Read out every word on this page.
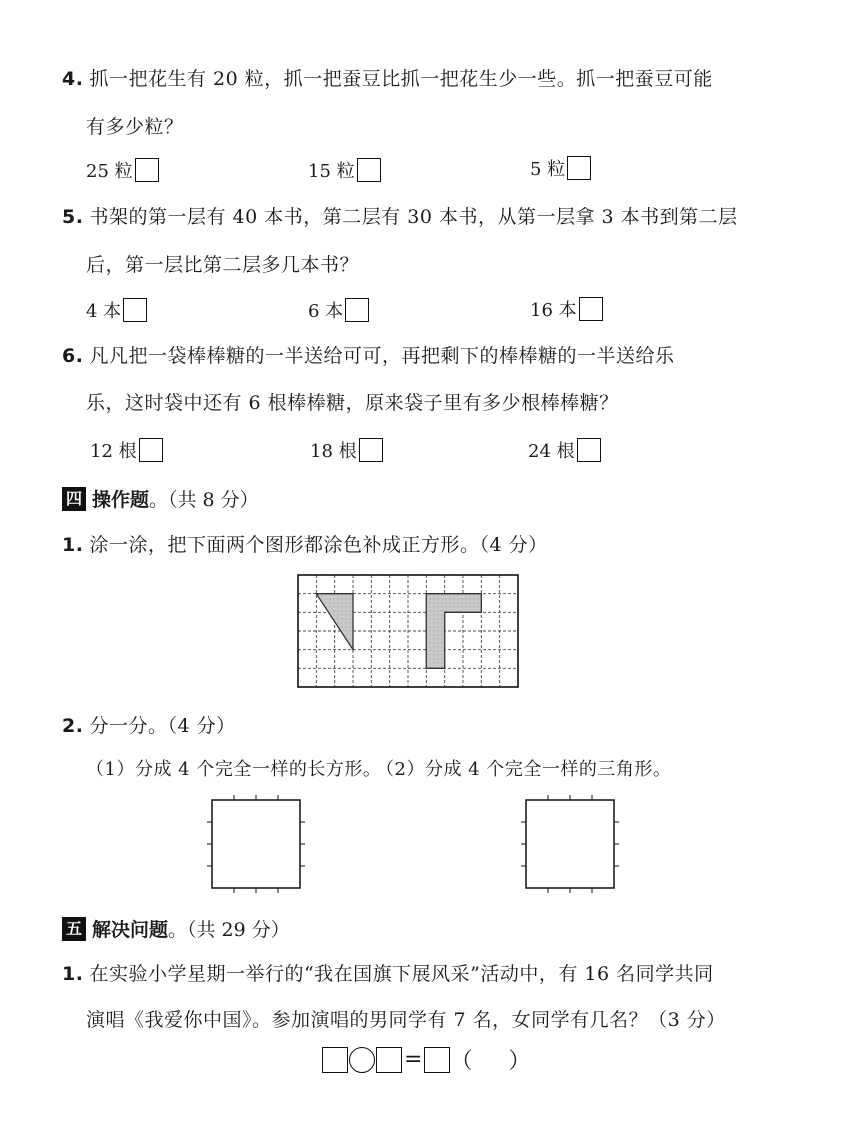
4. 抓一把花生有 20 粒，抓一把蚕豆比抓一把花生少一些。抓一把蚕豆可能
有多少粒？
25 粒	15 粒	5 粒
5. 书架的第一层有 40 本书，第二层有 30 本书，从第一层拿 3 本书到第二层
后，第一层比第二层多几本书？
4 本	6 本	16 本
6. 凡凡把一袋棒棒糖的一半送给可可，再把剩下的棒棒糖的一半送给乐
乐，这时袋中还有 6 根棒棒糖，原来袋子里有多少根棒棒糖？
12 根	18 根	24 根
四 操作题 。（共 8 分）
1. 涂一涂，把下面两个图形都涂色补成正方形。（4 分）
2. 分一分。（4 分）
（1）分成 4 个完全一样的长方形。
（2）分成 4 个完全一样的三角形。
五 解决问题 。（共 29 分）
1. 在实验小学星期一举行的“我在国旗下展风采”活动中，有 16 名同学共同
演唱《我爱你中国》。参加演唱的男同学有 7 名，女同学有几名？（3 分）
= （ ）
